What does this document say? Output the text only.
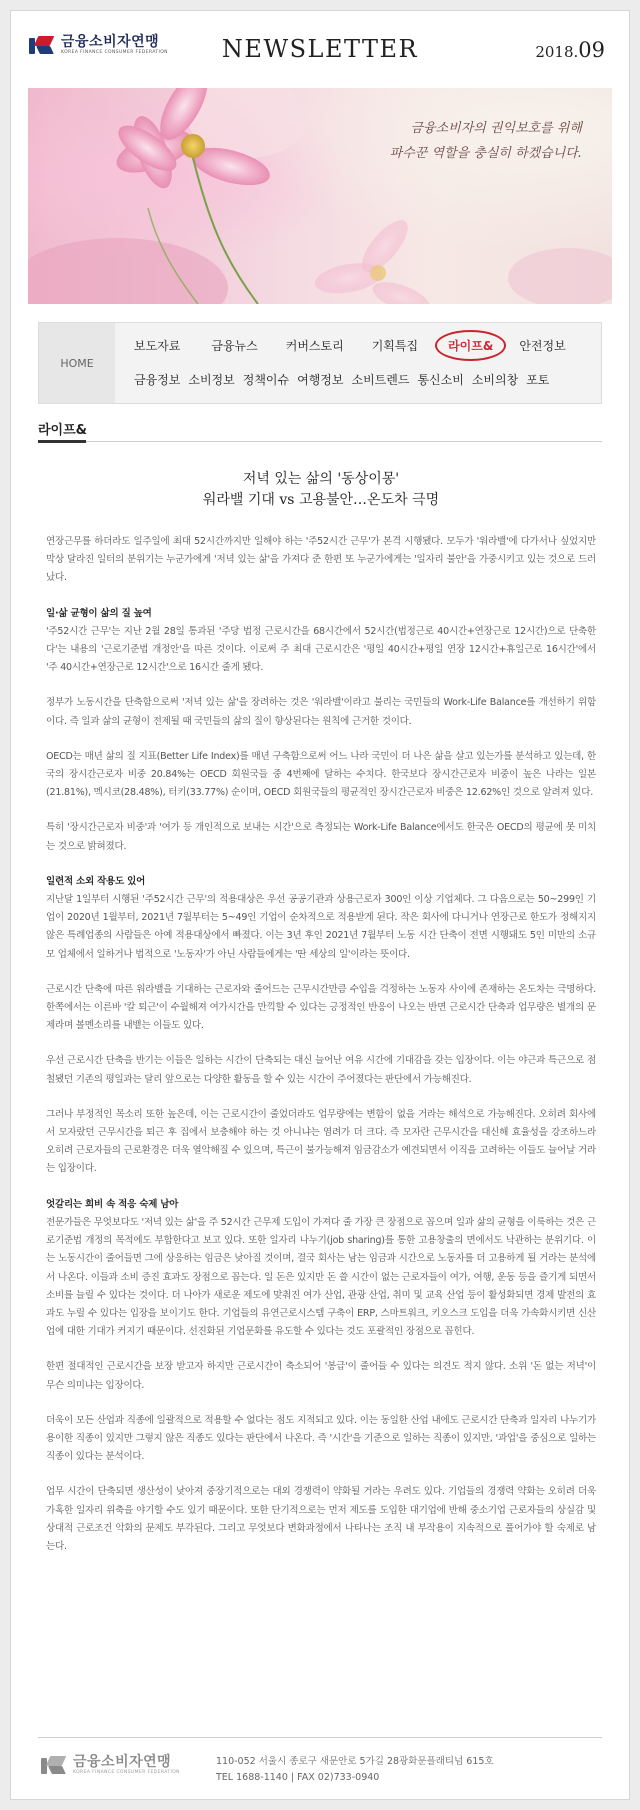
금융소비자연맹
KOREA FINANCE CONSUMER FEDERATION	NEWSLETTER	2018.09
금융소비자의 권익보호를 위해
파수꾼 역할을 충실히 하겠습니다.
HOME
보도자료	금융뉴스 커버스토리 기획특집	라이프& 안전정보
금융정보 소비정보 정책이슈 여행정보 소비트렌드 통신소비 소비의창 포토
라이프&
저녁 있는 삶의 '동상이몽'
워라밸 기대 vs 고용불안…온도차 극명

연장근무를 하더라도 일주일에 최대 52시간까지만 일해야 하는 '주52시간 근무'가 본격 시행됐다. 모두가 '워라밸'에 다가서나 싶었지만 막상 달라진 일터의 분위기는 누군가에게 '저녁 있는 삶'을 가져다 준 한편 또 누군가에게는 '일자리 불안'을 가중시키고 있는 것으로 드러났다.

일·삶 균형이 삶의 질 높여

'주52시간 근무'는 지난 2월 28일 통과된 '주당 법정 근로시간을 68시간에서 52시간(법정근로 40시간+연장근로 12시간)으로 단축한다'는 내용의 '근로기준법 개정안'을 따른 것이다. 이로써 주 최대 근로시간은 '평일 40시간+평일 연장 12시간+휴일근로 16시간'에서 '주 40시간+연장근로 12시간'으로 16시간 줄게 됐다.

정부가 노동시간을 단축함으로써 '저녁 있는 삶'을 장려하는 것은 '워라밸'이라고 불리는 국민들의 Work-Life Balance를 개선하기 위함이다. 즉 일과 삶의 균형이 전제될 때 국민들의 삶의 질이 향상된다는 원칙에 근거한 것이다.

OECD는 매년 삶의 질 지표(Better Life Index)를 매년 구축함으로써 어느 나라 국민이 더 나은 삶을 살고 있는가를 분석하고 있는데, 한국의 장시간근로자 비중 20.84%는 OECD 회원국들 중 4번째에 달하는 수치다. 한국보다 장시간근로자 비중이 높은 나라는 일본(21.81%), 멕시코(28.48%), 터키(33.77%) 순이며, OECD 회원국들의 평균적인 장시간근로자 비중은 12.62%인 것으로 알려져 있다.

특히 '장시간근로자 비중'과 '여가 등 개인적으로 보내는 시간'으로 측정되는 Work-Life Balance에서도 한국은 OECD의 평균에 못 미치는 것으로 밝혀졌다.

일련적 소외 작용도 있어

지난달 1일부터 시행된 '주52시간 근무'의 적용대상은 우선 공공기관과 상용근로자 300인 이상 기업체다. 그 다음으로는 50~299인 기업이 2020년 1월부터, 2021년 7월부터는 5~49인 기업이 순차적으로 적용받게 된다. 작은 회사에 다니거나 연장근로 한도가 정해지지 않은 특례업종의 사람들은 아예 적용대상에서 빠졌다. 이는 3년 후인 2021년 7월부터 노동 시간 단축이 전면 시행돼도 5인 미만의 소규모 업체에서 일하거나 법적으로 '노동자'가 아닌 사람들에게는 '딴 세상의 일'이라는 뜻이다.

근로시간 단축에 따른 워라밸을 기대하는 근로자와 줄어드는 근무시간만큼 수입을 걱정하는 노동자 사이에 존재하는 온도차는 극명하다. 한쪽에서는 이른바 '칼 퇴근'이 수월해져 여가시간을 만끽할 수 있다는 긍정적인 반응이 나오는 반면 근로시간 단축과 업무량은 별개의 문제라며 볼멘소리를 내뱉는 이들도 있다.

우선 근로시간 단축을 반기는 이들은 일하는 시간이 단축되는 대신 늘어난 여유 시간에 기대감을 갖는 입장이다. 이는 야근과 특근으로 점철됐던 기존의 평일과는 달리 앞으로는 다양한 활동을 할 수 있는 시간이 주어졌다는 판단에서 가능해진다.

그러나 부정적인 목소리 또한 높은데, 이는 근로시간이 줄었더라도 업무량에는 변함이 없을 거라는 해석으로 가능해진다. 오히려 회사에서 모자랐던 근무시간을 퇴근 후 집에서 보충해야 하는 것 아니냐는 염려가 더 크다. 즉 모자란 근무시간을 대신해 효율성을 강조하느라 오히려 근로자들의 근로환경은 더욱 열악해질 수 있으며, 특근이 불가능해져 임금감소가 예견되면서 이직을 고려하는 이들도 늘어날 거라는 입장이다.

엇갈리는 희비 속 적응 숙제 남아

전문가들은 무엇보다도 '저녁 있는 삶'을 주 52시간 근무제 도입이 가져다 줄 가장 큰 장점으로 꼽으며 일과 삶의 균형을 이룩하는 것은 근로기준법 개정의 목적에도 부합한다고 보고 있다. 또한 일자리 나누기(job sharing)를 통한 고용창출의 면에서도 낙관하는 분위기다. 이는 노동시간이 줄어들면 그에 상응하는 임금은 낮아질 것이며, 결국 회사는 남는 임금과 시간으로 노동자를 더 고용하게 될 거라는 분석에서 나온다. 이들과 소비 증진 효과도 장점으로 꼽는다. 일 돈은 있지만 돈 쓸 시간이 없는 근로자들이 여가, 여행, 운동 등을 즐기게 되면서 소비를 늘릴 수 있다는 것이다. 더 나아가 새로운 제도에 맞춰진 여가 산업, 관광 산업, 취미 및 교육 산업 등이 활성화되면 경제 발전의 효과도 누릴 수 있다는 입장을 보이기도 한다. 기업들의 유연근로시스템 구축이 ERP, 스마트워크, 키오스크 도입을 더욱 가속화시키면 신산업에 대한 기대가 커지기 때문이다. 선진화된 기업문화를 유도할 수 있다는 것도 포괄적인 장점으로 꼽힌다.

한편 절대적인 근로시간을 보장 받고자 하지만 근로시간이 축소되어 '봉급'이 줄어들 수 있다는 의견도 적지 않다. 소위 '돈 없는 저녁'이 무슨 의미냐는 입장이다.

더욱이 모든 산업과 직종에 일괄적으로 적용할 수 없다는 점도 지적되고 있다. 이는 동일한 산업 내에도 근로시간 단축과 일자리 나누기가 용이한 직종이 있지만 그렇지 않은 직종도 있다는 판단에서 나온다. 즉 '시간'을 기준으로 일하는 직종이 있지만, '과업'을 중심으로 일하는 직종이 있다는 분석이다.

업무 시간이 단축되면 생산성이 낮아져 중장기적으로는 대외 경쟁력이 약화될 거라는 우려도 있다. 기업들의 경쟁력 약화는 오히려 더욱 가혹한 일자리 위축을 야기할 수도 있기 때문이다. 또한 단기적으로는 먼저 제도를 도입한 대기업에 반해 중소기업 근로자들의 상실감 및 상대적 근로조건 악화의 문제도 부각된다. 그리고 무엇보다 변화과정에서 나타나는 조직 내 부작용이 지속적으로 풀어가야 할 숙제로 남는다.

금융소비자연맹
KOREA FINANCE CONSUMER FEDERATION
110-052 서울시 종로구 새문안로 5가길 28광화문플래티넘 615호
TEL 1688-1140 | FAX 02)733-0940
